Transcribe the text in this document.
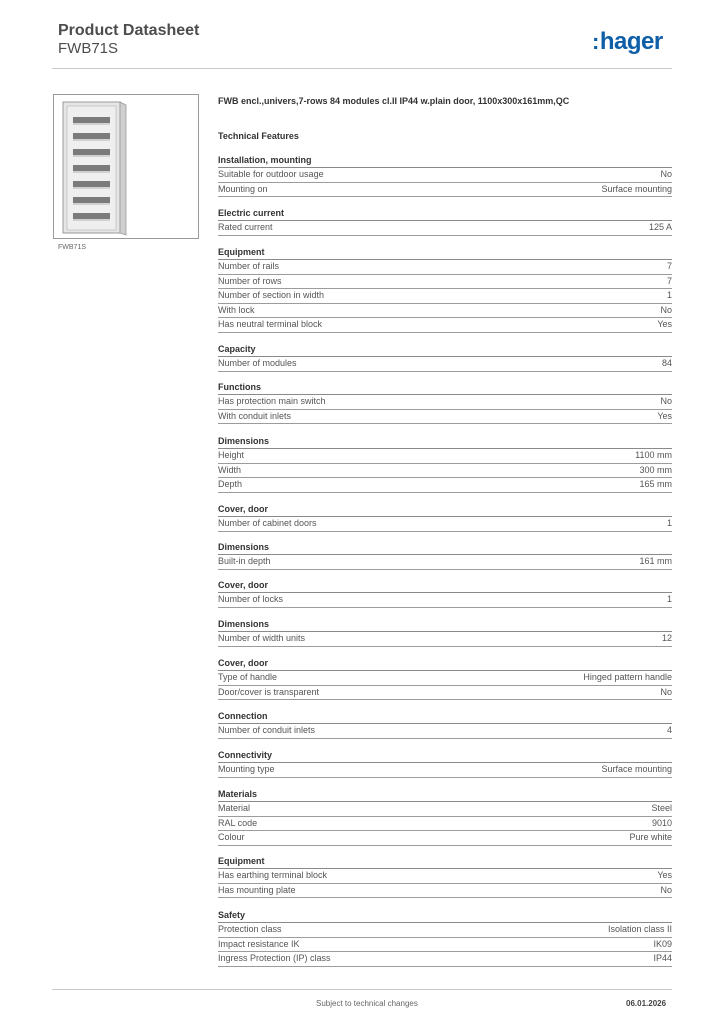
Product Datasheet
FWB71S	:hager
FWB71S
FWB encl.,univers,7-rows 84 modules cl.II IP44 w.plain door, 1100x300x161mm,QC
Technical Features
Installation, mounting
Suitable for outdoor usage	No
Mounting on	Surface mounting
Electric current
Rated current	125 A
Equipment
Number of rails	7
Number of rows	7
Number of section in width	1
With lock	No
Has neutral terminal block	Yes
Capacity
Number of modules	84
Functions
Has protection main switch	No
With conduit inlets	Yes
Dimensions
Height	1100 mm
Width	300 mm
Depth	165 mm
Cover, door
Number of cabinet doors	1
Dimensions
Built-in depth	161 mm
Cover, door
Number of locks	1
Dimensions
Number of width units	12
Cover, door
Type of handle	Hinged pattern handle
Door/cover is transparent	No
Connection
Number of conduit inlets	4
Connectivity
Mounting type	Surface mounting
Materials
Material	Steel
RAL code	9010
Colour	Pure white
Equipment
Has earthing terminal block	Yes
Has mounting plate	No
Safety
Protection class	Isolation class II
Impact resistance IK	IK09
Ingress Protection (IP) class	IP44
Subject to technical changes	06.01.2026
